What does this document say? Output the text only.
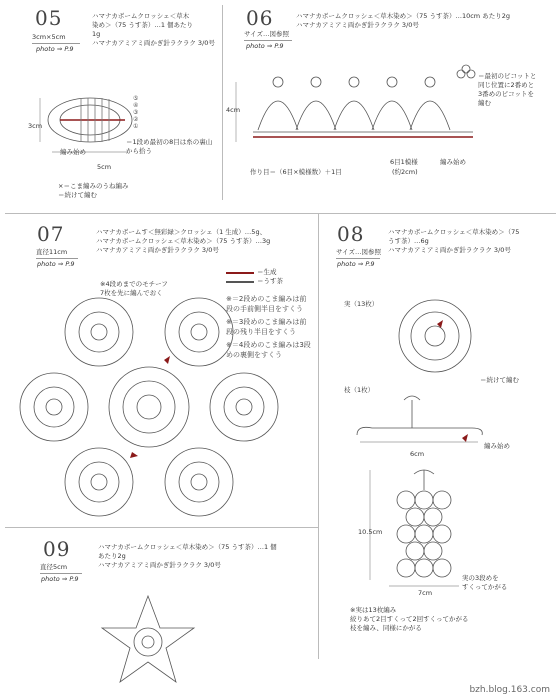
05
3cm×5cm
photo ⇒ P.9
ハマナカボームクロッシェ＜草木
染め＞（75 うす茶）…1 個あたり
1g
ハマナカアミアミ両かぎ針ラクラク 3/0号
⑤
④
③
②
①
3cm
5cm
編み始め
＝1段め最初の8目は糸の裏山から拾う
×＝こま編みのうね編み
＝続けて編む
06
サイズ…図参照
photo ⇒ P.9
ハマナカボームクロッシェ＜草木染め＞（75 うす茶）…10cm あたり2g
ハマナカアミアミ両かぎ針ラクラク 3/0号
＝最初のピコットと
同じ位置に2番めと
3番めのピコットを
編む
4cm
編み始め
6目1模様
(約2cm)
作り目＝（6目×模様数）＋1目
07
直径11cm
photo ⇒ P.9
ハマナカボームす＜無彩緑＞クロッシェ（1 生成）…5g、
ハマナカボームクロッシェ＜草木染め＞（75 うす茶）…3g
ハマナカアミアミ両かぎ針ラクラク 3/0号
※4段めまでのモチーフ
7枚を先に編んでおく
＝生成
＝うす茶
※＝2段めのこま編みは前段の手前側半目をすくう
※＝3段めのこま編みは前段の残り半目をすくう
※＝4段めのこま編みは3段めの裏側をすくう
08
サイズ…図参照
photo ⇒ P.9
ハマナカボームクロッシェ＜草木染め＞（75
うす茶）…6g
ハマナカアミアミ両かぎ針ラクラク 3/0号
実（13枚）
＝続けて編む
枝（1枚）
6cm
編み始め
10.5cm
7cm
実の3段めを
すくってかがる
※実は13枚編み
絞りあて2目すくって2回すくってかがる
枝を編み、同様にかがる
09
直径5cm
photo ⇒ P.9
ハマナカボームクロッシェ＜草木染め＞（75 うす茶）…1 個
あたり2g
ハマナカアミアミ両かぎ針ラクラク 3/0号
bzh.blog.163.com
